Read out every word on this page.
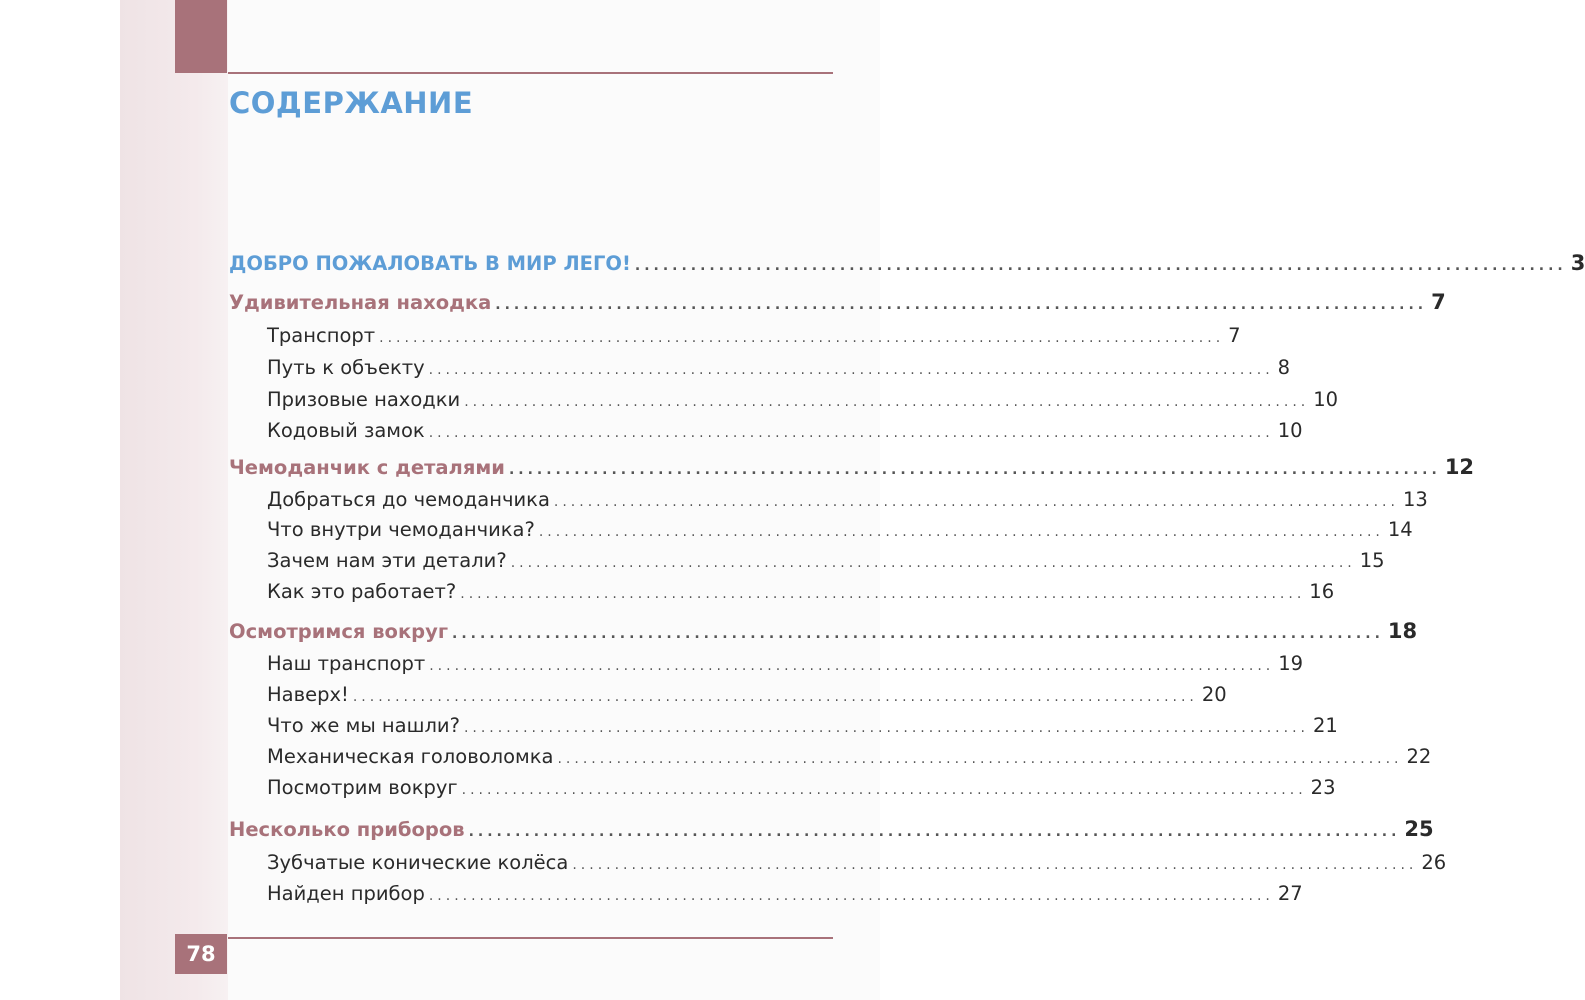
78
СОДЕРЖАНИЕ
ДОБРО ПОЖАЛОВАТЬ В МИР ЛЕГО! .................................................................................................... 3
Удивительная находка .................................................................................................... 7
Транспорт .................................................................................................... 7
Путь к объекту .................................................................................................... 8
Призовые находки .................................................................................................... 10
Кодовый замок .................................................................................................... 10
Чемоданчик с деталями .................................................................................................... 12
Добраться до чемоданчика .................................................................................................... 13
Что внутри чемоданчика? .................................................................................................... 14
Зачем нам эти детали? .................................................................................................... 15
Как это работает? .................................................................................................... 16
Осмотримся вокруг .................................................................................................... 18
Наш транспорт .................................................................................................... 19
Наверх! .................................................................................................... 20
Что же мы нашли? .................................................................................................... 21
Механическая головоломка .................................................................................................... 22
Посмотрим вокруг .................................................................................................... 23
Несколько приборов .................................................................................................... 25
Зубчатые конические колёса .................................................................................................... 26
Найден прибор .................................................................................................... 27
